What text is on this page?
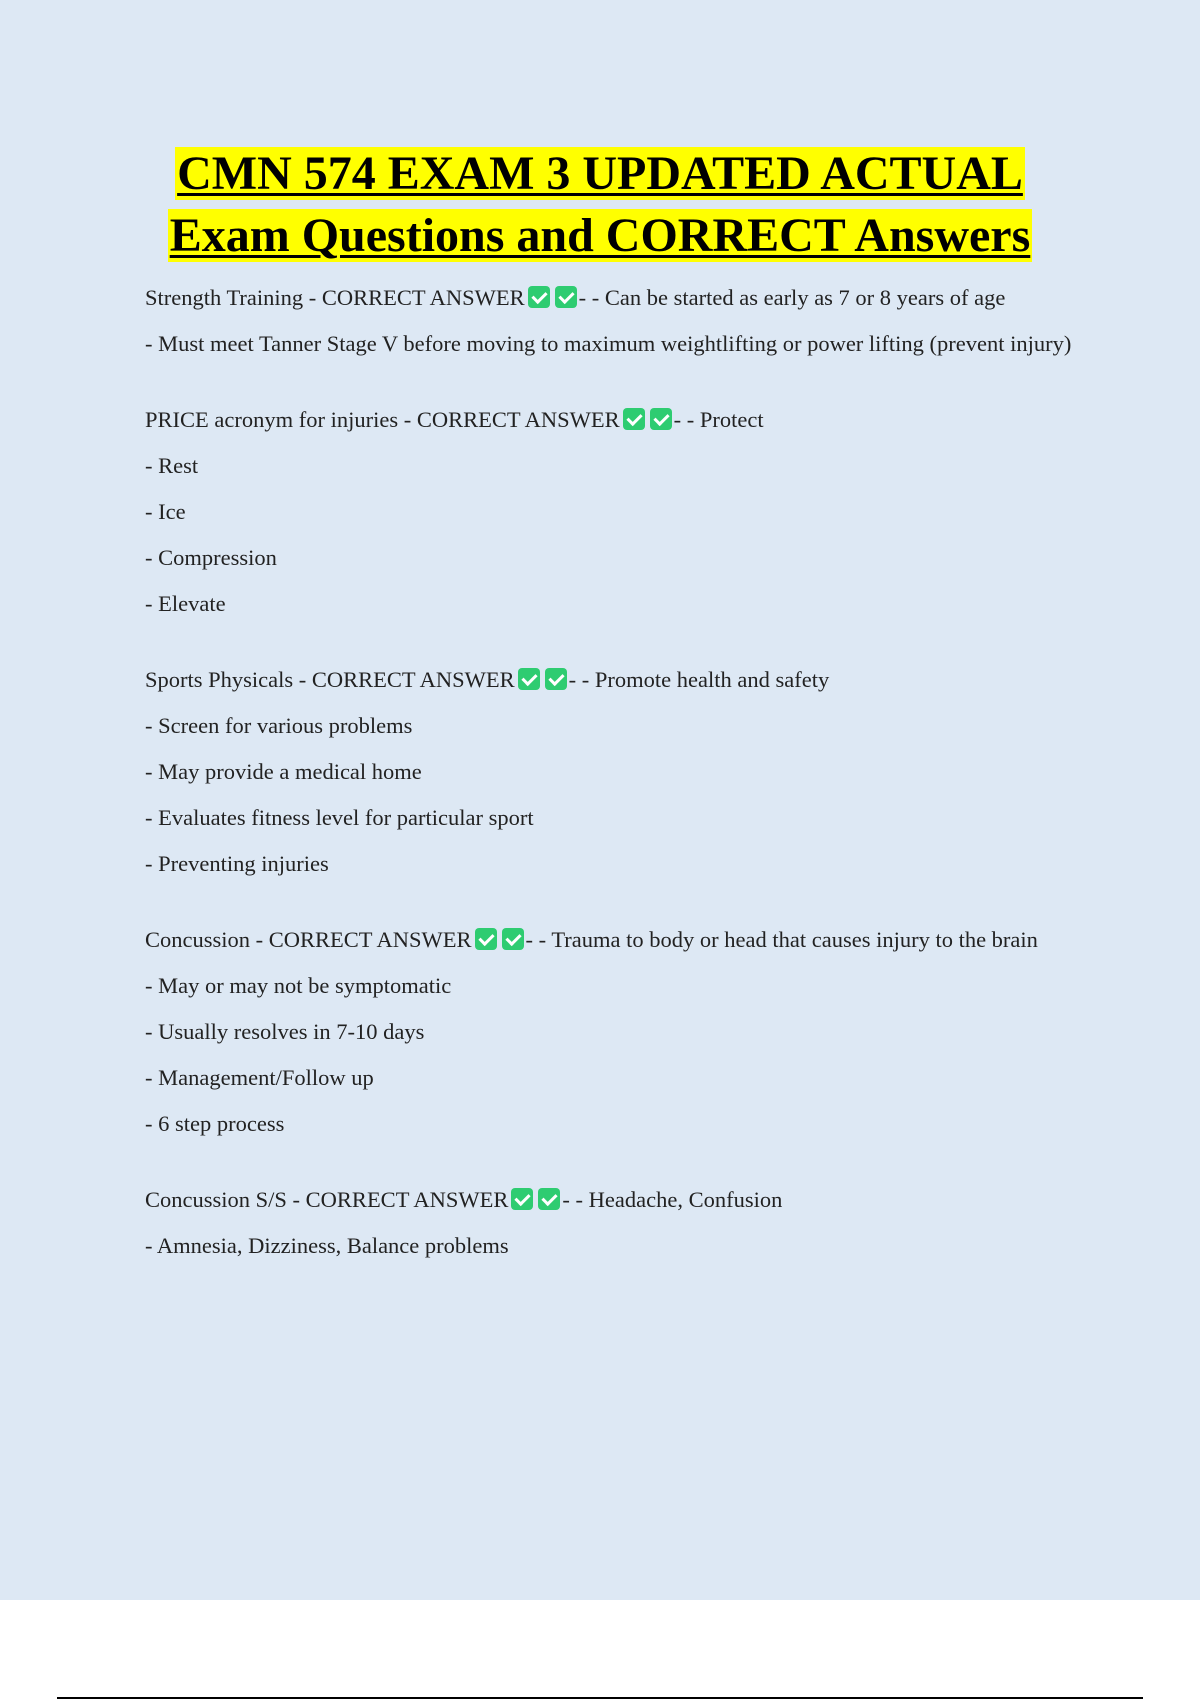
CMN 574 EXAM 3 UPDATED ACTUAL
Exam Questions and CORRECT Answers
Strength Training - CORRECT ANSWER - - Can be started as early as 7 or 8 years of age
- Must meet Tanner Stage V before moving to maximum weightlifting or power lifting (prevent injury)
PRICE acronym for injuries - CORRECT ANSWER - - Protect
- Rest
- Ice
- Compression
- Elevate
Sports Physicals - CORRECT ANSWER - - Promote health and safety
- Screen for various problems
- May provide a medical home
- Evaluates fitness level for particular sport
- Preventing injuries
Concussion - CORRECT ANSWER - - Trauma to body or head that causes injury to the brain
- May or may not be symptomatic
- Usually resolves in 7-10 days
- Management/Follow up
- 6 step process
Concussion S/S - CORRECT ANSWER - - Headache, Confusion
- Amnesia, Dizziness, Balance problems
